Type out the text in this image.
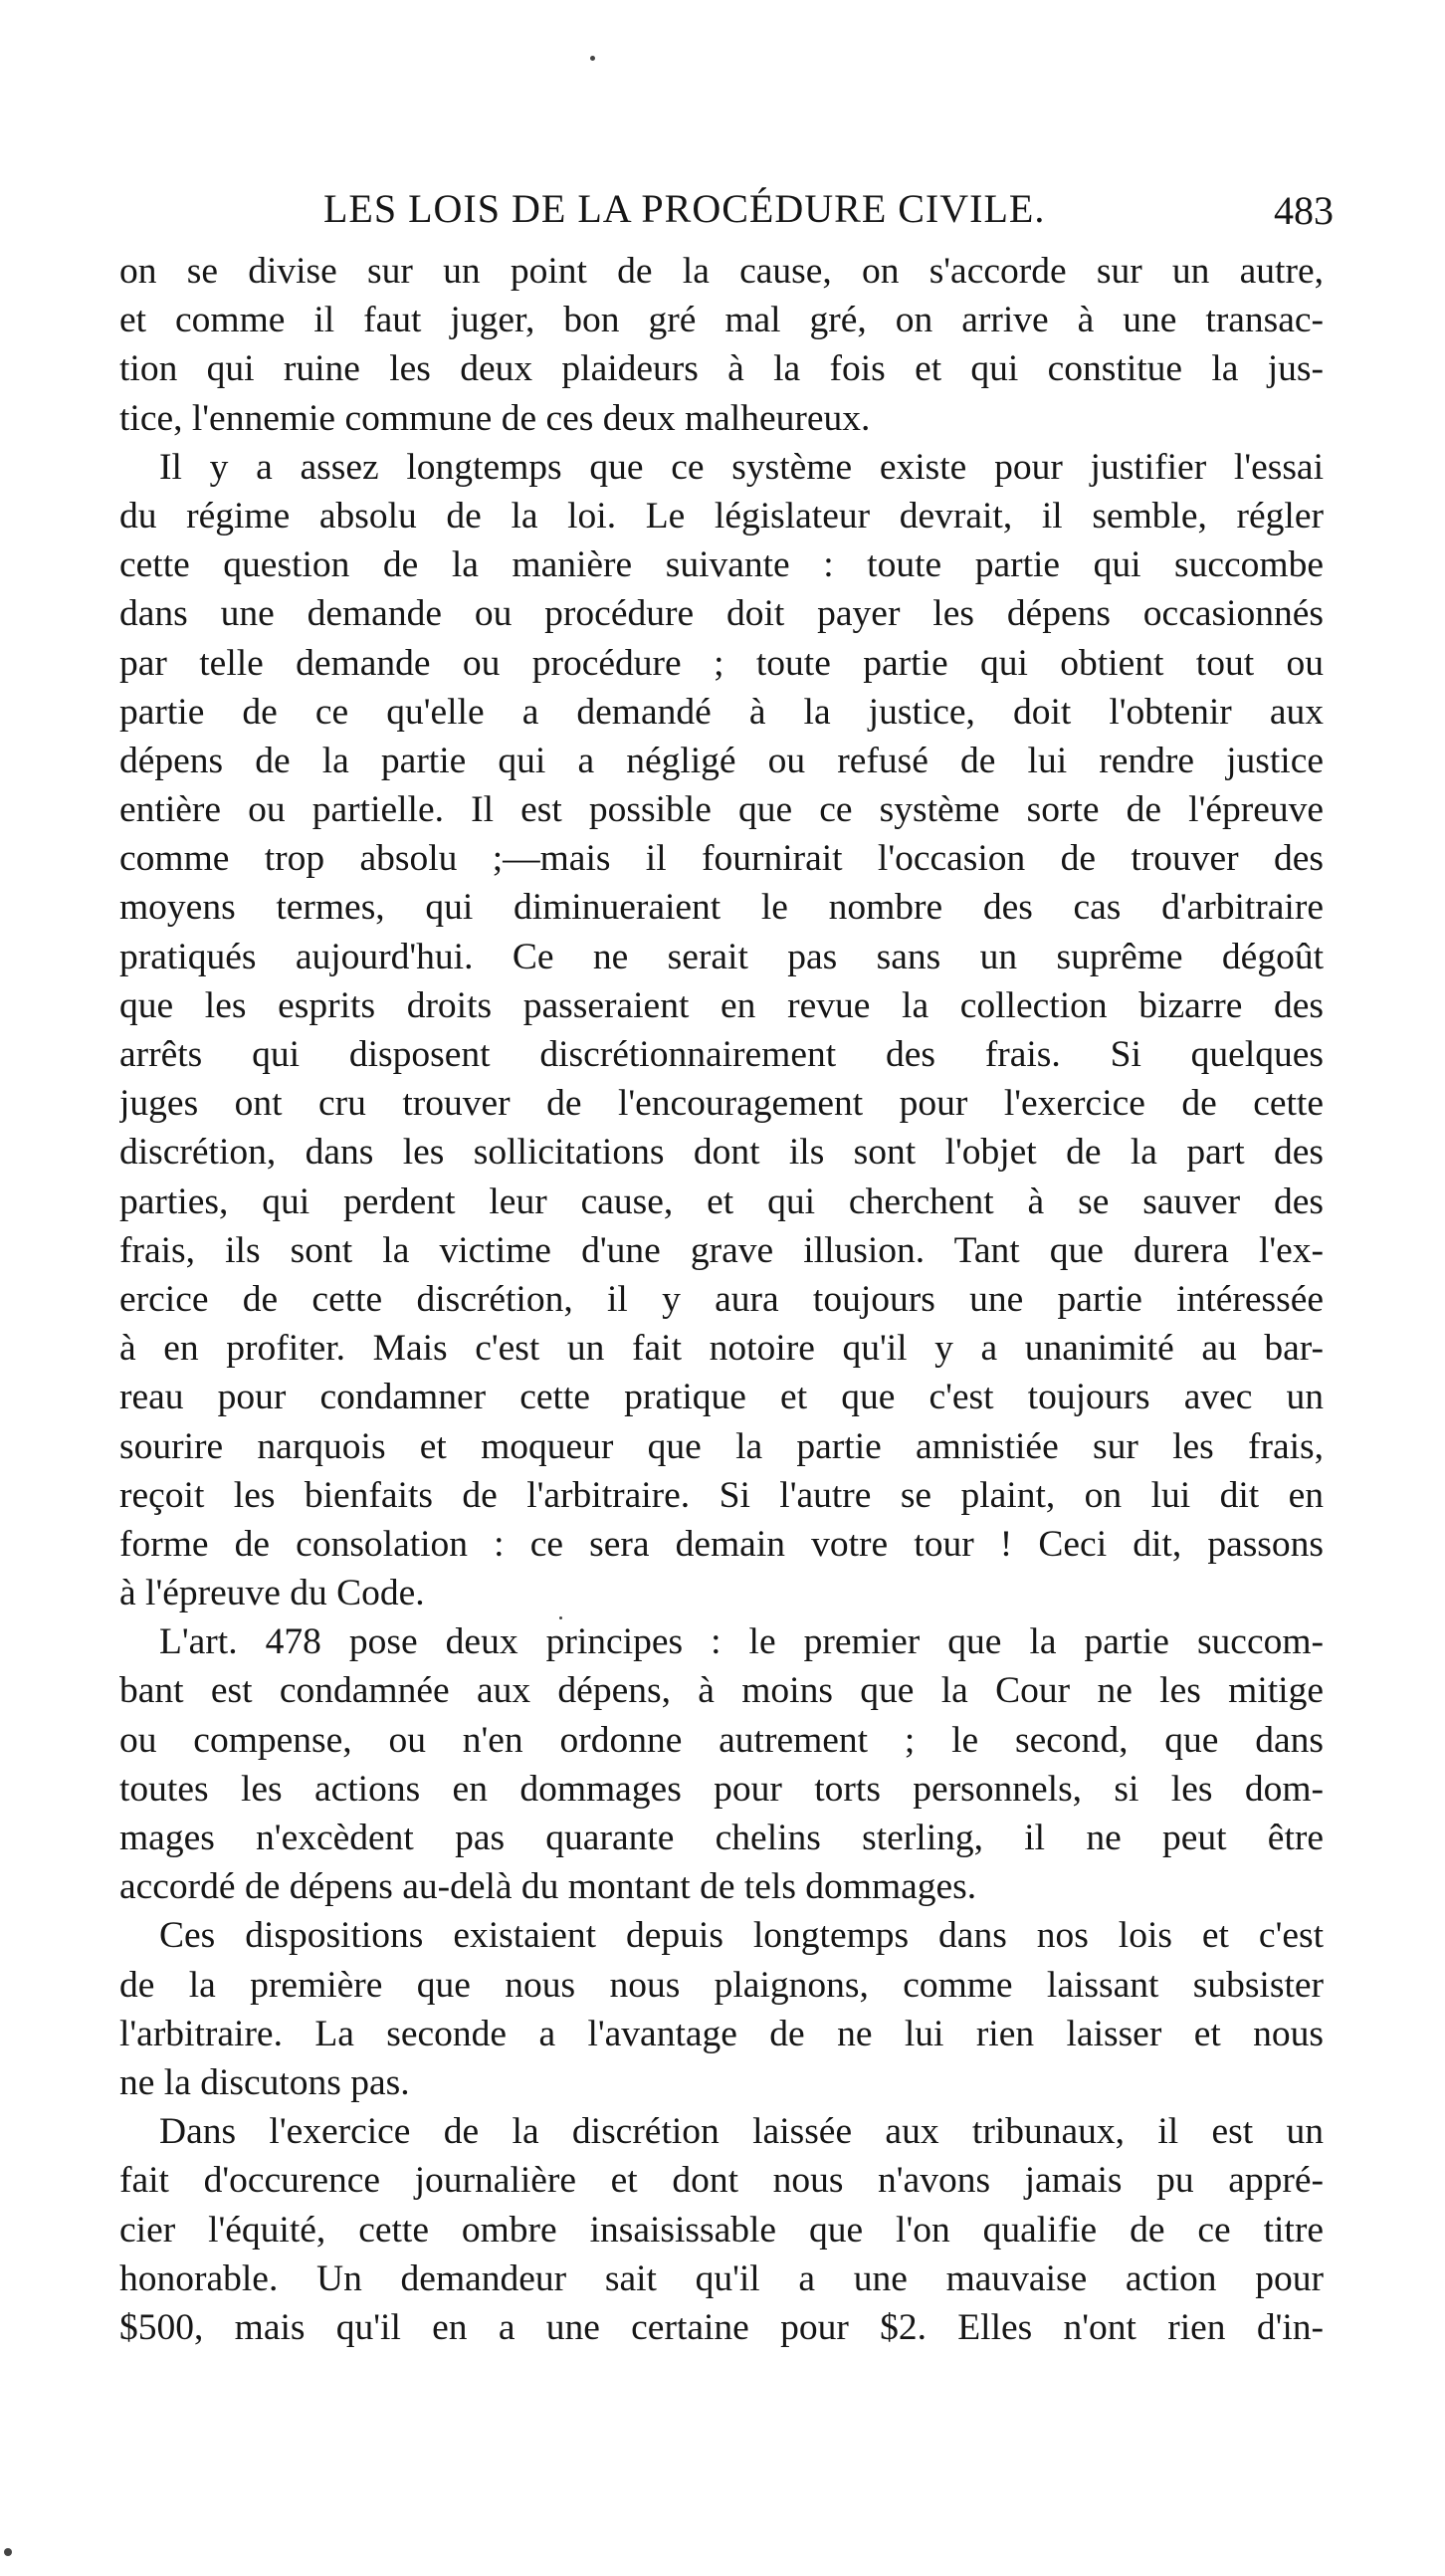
LES LOIS DE LA PROCÉDURE CIVILE.	483
on se divise sur un point de la cause, on s'accorde sur un autre,
et comme il faut juger, bon gré mal gré, on arrive à une transac-
tion qui ruine les deux plaideurs à la fois et qui constitue la jus-
tice, l'ennemie commune de ces deux malheureux.
Il y a assez longtemps que ce système existe pour justifier l'essai
du régime absolu de la loi. Le législateur devrait, il semble, régler
cette question de la manière suivante : toute partie qui succombe
dans une demande ou procédure doit payer les dépens occasionnés
par telle demande ou procédure ; toute partie qui obtient tout ou
partie de ce qu'elle a demandé à la justice, doit l'obtenir aux
dépens de la partie qui a négligé ou refusé de lui rendre justice
entière ou partielle. Il est possible que ce système sorte de l'épreuve
comme trop absolu ;—mais il fournirait l'occasion de trouver des
moyens termes, qui diminueraient le nombre des cas d'arbitraire
pratiqués aujourd'hui. Ce ne serait pas sans un suprême dégoût
que les esprits droits passeraient en revue la collection bizarre des
arrêts qui disposent discrétionnairement des frais. Si quelques
juges ont cru trouver de l'encouragement pour l'exercice de cette
discrétion, dans les sollicitations dont ils sont l'objet de la part des
parties, qui perdent leur cause, et qui cherchent à se sauver des
frais, ils sont la victime d'une grave illusion. Tant que durera l'ex-
ercice de cette discrétion, il y aura toujours une partie intéressée
à en profiter. Mais c'est un fait notoire qu'il y a unanimité au bar-
reau pour condamner cette pratique et que c'est toujours avec un
sourire narquois et moqueur que la partie amnistiée sur les frais,
reçoit les bienfaits de l'arbitraire. Si l'autre se plaint, on lui dit en
forme de consolation : ce sera demain votre tour ! Ceci dit, passons
à l'épreuve du Code.
L'art. 478 pose deux principes : le premier que la partie succom-
bant est condamnée aux dépens, à moins que la Cour ne les mitige
ou compense, ou n'en ordonne autrement ; le second, que dans
toutes les actions en dommages pour torts personnels, si les dom-
mages n'excèdent pas quarante chelins sterling, il ne peut être
accordé de dépens au-delà du montant de tels dommages.
Ces dispositions existaient depuis longtemps dans nos lois et c'est
de la première que nous nous plaignons, comme laissant subsister
l'arbitraire. La seconde a l'avantage de ne lui rien laisser et nous
ne la discutons pas.
Dans l'exercice de la discrétion laissée aux tribunaux, il est un
fait d'occurence journalière et dont nous n'avons jamais pu appré-
cier l'équité, cette ombre insaisissable que l'on qualifie de ce titre
honorable. Un demandeur sait qu'il a une mauvaise action pour
$500, mais qu'il en a une certaine pour $2. Elles n'ont rien d'in-
